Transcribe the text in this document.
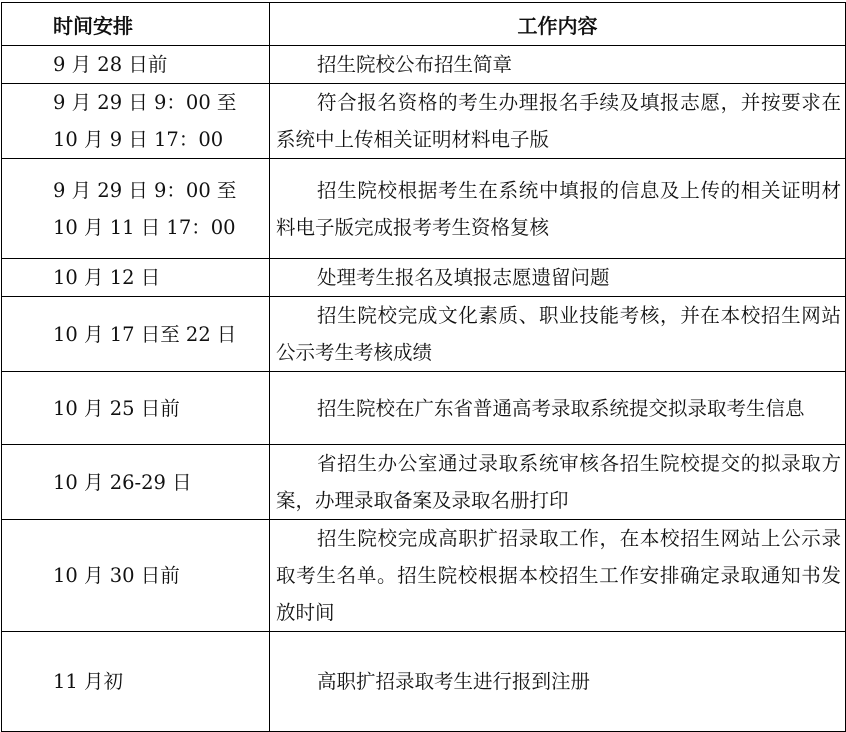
时间安排	工作内容
9 月 28 日前	招生院校公布招生简章

9 月 29 日 9：00 至
10 月 9 日 17：00	符合报名资格的考生办理报名手续及填报志愿，并按要求在系统中上传相关证明材料电子版

9 月 29 日 9：00 至
10 月 11 日 17：00	招生院校根据考生在系统中填报的信息及上传的相关证明材料电子版完成报考考生资格复核
10 月 12 日	处理考生报名及填报志愿遗留问题
10 月 17 日至 22 日	招生院校完成文化素质、职业技能考核，并在本校招生网站公示考生考核成绩
10 月 25 日前	招生院校在广东省普通高考录取系统提交拟录取考生信息
10 月 26-29 日	省招生办公室通过录取系统审核各招生院校提交的拟录取方案，办理录取备案及录取名册打印
10 月 30 日前	招生院校完成高职扩招录取工作，在本校招生网站上公示录取考生名单。招生院校根据本校招生工作安排确定录取通知书发放时间
11 月初	高职扩招录取考生进行报到注册
